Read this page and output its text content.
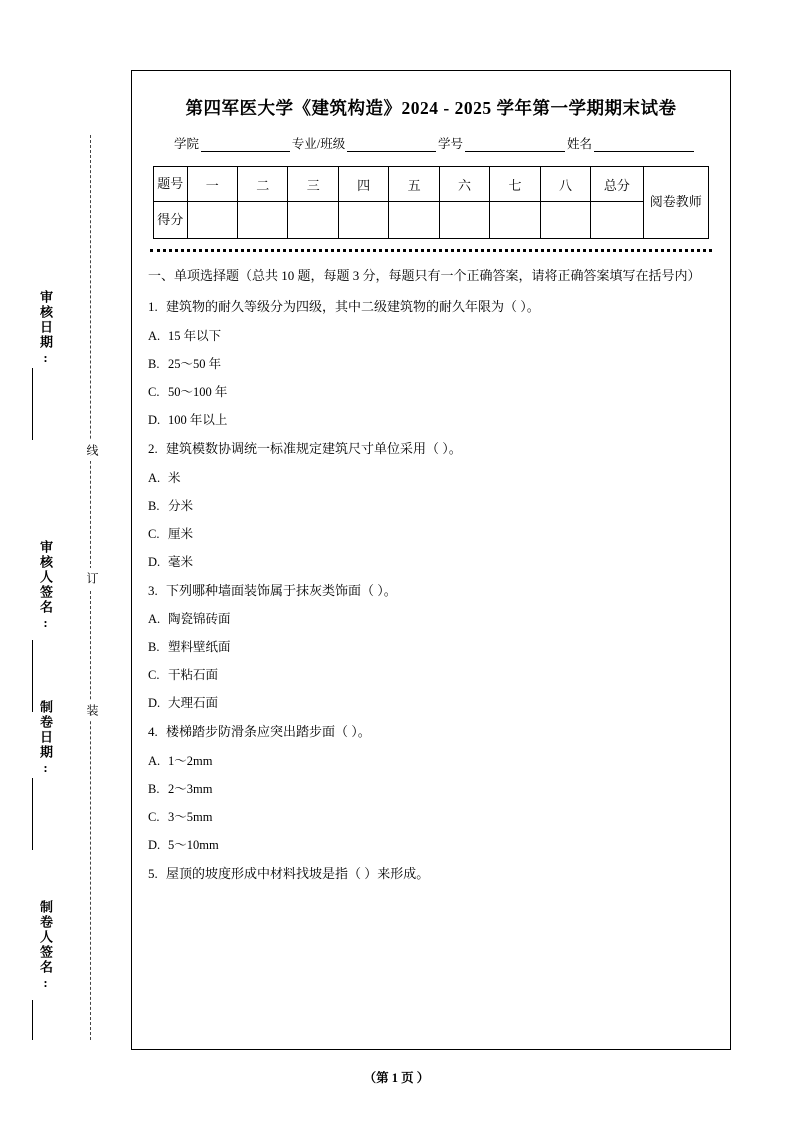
审核日期:
审核人签名:
制卷日期:
制卷人签名:
线
订
装
第四军医大学《建筑构造》2024 - 2025 学年第一学期期末试卷
学院	专业/班级	学号	姓名
题号	一	二	三	四	五	六	七	八	总分	阅卷教师
得分										
一、单项选择题（总共 10 题，每题 3 分，每题只有一个正确答案，请将正确答案填写在括号内）
1. 建筑物的耐久等级分为四级，其中二级建筑物的耐久年限为（ ）。
A. 15 年以下
B. 25～50 年
C. 50～100 年
D. 100 年以上
2. 建筑模数协调统一标准规定建筑尺寸单位采用（ ）。
A. 米
B. 分米
C. 厘米
D. 毫米
3. 下列哪种墙面装饰属于抹灰类饰面（ ）。
A. 陶瓷锦砖面
B. 塑料壁纸面
C. 干粘石面
D. 大理石面
4. 楼梯踏步防滑条应突出踏步面（ ）。
A. 1～2mm
B. 2～3mm
C. 3～5mm
D. 5～10mm
5. 屋顶的坡度形成中材料找坡是指（ ）来形成。
（第 1 页 ）
